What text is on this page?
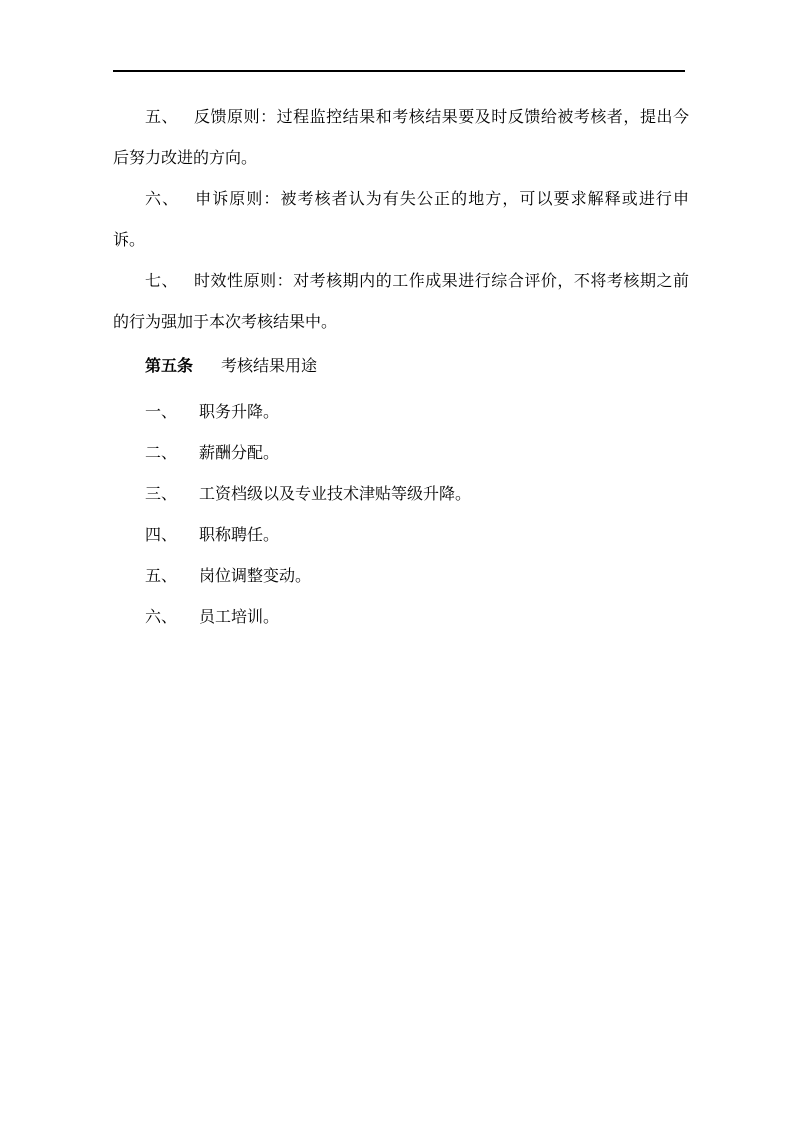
五、 反馈原则：过程监控结果和考核结果要及时反馈给被考核者，提出今后努力改进的方向。

六、 申诉原则：被考核者认为有失公正的地方，可以要求解释或进行申诉。

七、 时效性原则：对考核期内的工作成果进行综合评价，不将考核期之前的行为强加于本次考核结果中。

第五条 考核结果用途

一、 职务升降。

二、 薪酬分配。

三、 工资档级以及专业技术津贴等级升降。

四、 职称聘任。

五、 岗位调整变动。

六、 员工培训。
